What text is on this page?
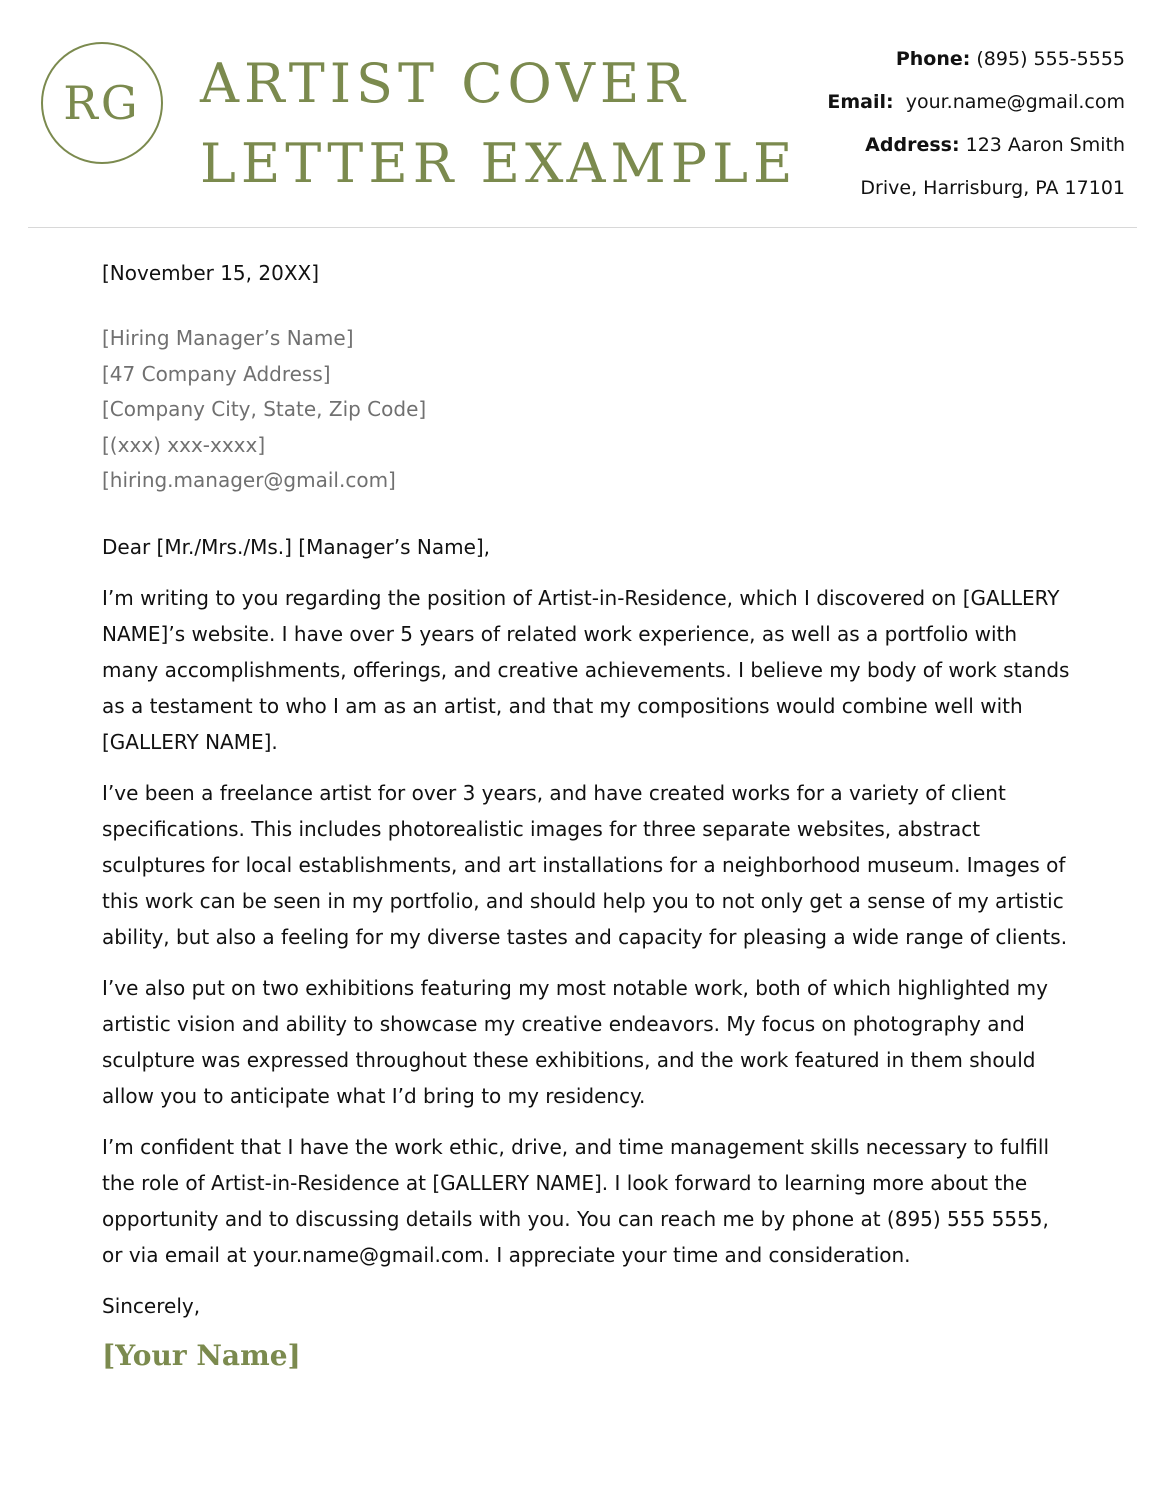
RG	ARTIST COVER
LETTER EXAMPLE
Phone: (895) 555-5555
Email: your.name@gmail.com
Address: 123 Aaron Smith
Drive, Harrisburg, PA 17101
[November 15, 20XX]
[Hiring Manager’s Name]
[47 Company Address]
[Company City, State, Zip Code]
[(xxx) xxx-xxxx]
[hiring.manager@gmail.com]
Dear [Mr./Mrs./Ms.] [Manager’s Name],

I’m writing to you regarding the position of Artist-in-Residence, which I discovered on [GALLERY NAME]’s website. I have over 5 years of related work experience, as well as a portfolio with many accomplishments, offerings, and creative achievements. I believe my body of work stands as a testament to who I am as an artist, and that my compositions would combine well with [GALLERY NAME].

I’ve been a freelance artist for over 3 years, and have created works for a variety of client specifications. This includes photorealistic images for three separate websites, abstract sculptures for local establishments, and art installations for a neighborhood museum. Images of this work can be seen in my portfolio, and should help you to not only get a sense of my artistic ability, but also a feeling for my diverse tastes and capacity for pleasing a wide range of clients.

I’ve also put on two exhibitions featuring my most notable work, both of which highlighted my artistic vision and ability to showcase my creative endeavors. My focus on photography and sculpture was expressed throughout these exhibitions, and the work featured in them should allow you to anticipate what I’d bring to my residency.

I’m confident that I have the work ethic, drive, and time management skills necessary to fulfill the role of Artist-in-Residence at [GALLERY NAME]. I look forward to learning more about the opportunity and to discussing details with you. You can reach me by phone at (895) 555 5555, or via email at your.name@gmail.com. I appreciate your time and consideration.

Sincerely,
[Your Name]
